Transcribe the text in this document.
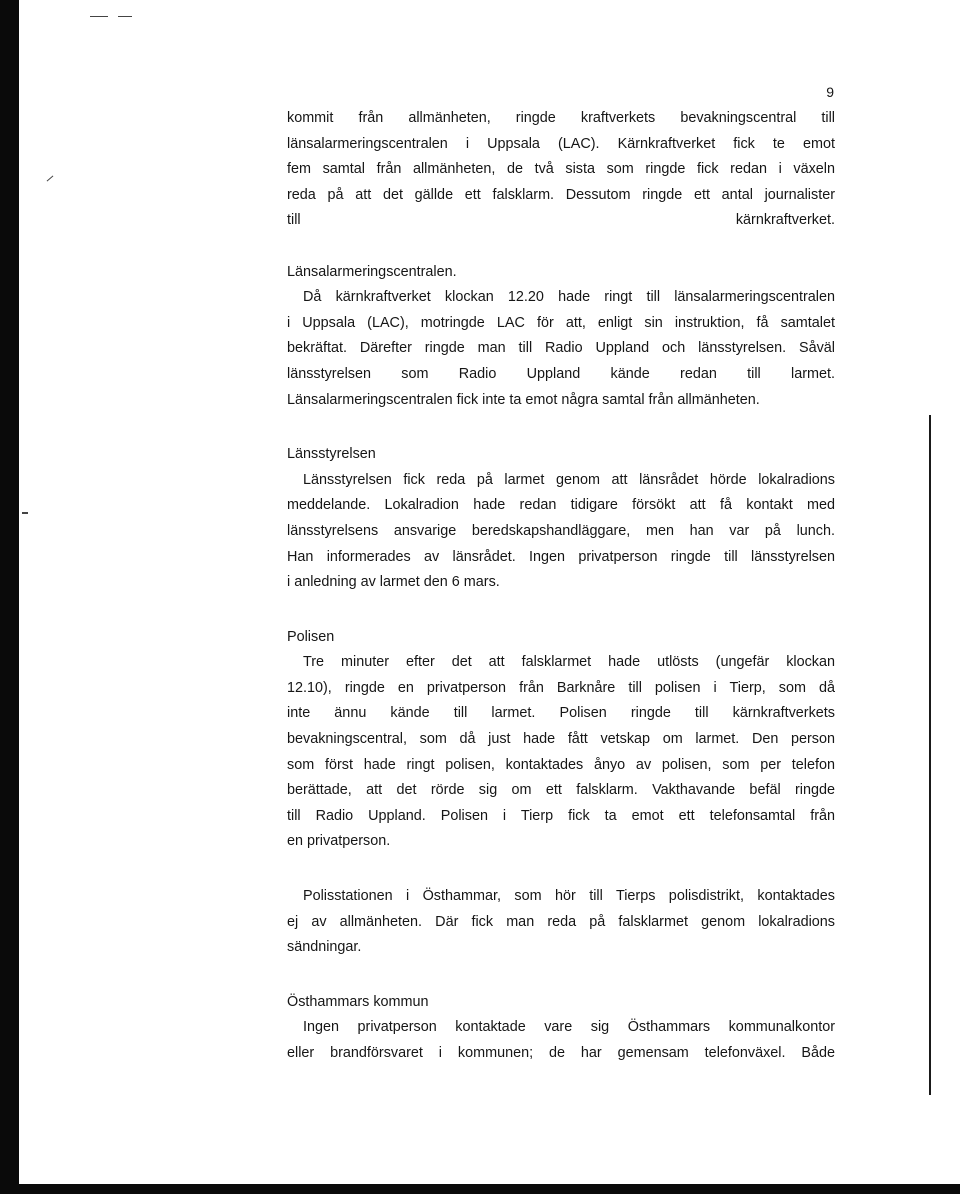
9
kommit från allmänheten, ringde kraftverkets bevakningscentral till
länsalarmeringscentralen i Uppsala (LAC). Kärnkraftverket fick te emot
fem samtal från allmänheten, de två sista som ringde fick redan i växeln
reda på att det gällde ett falsklarm. Dessutom ringde ett antal journalister
till kärnkraftverket.
Länsalarmeringscentralen.
Då kärnkraftverket klockan 12.20 hade ringt till länsalarmeringscentralen
i Uppsala (LAC), motringde LAC för att, enligt sin instruktion, få samtalet
bekräftat. Därefter ringde man till Radio Uppland och länsstyrelsen. Såväl
länsstyrelsen som Radio Uppland kände redan till larmet.
Länsalarmeringscentralen fick inte ta emot några samtal från allmänheten.
Länsstyrelsen
Länsstyrelsen fick reda på larmet genom att länsrådet hörde lokalradions
meddelande. Lokalradion hade redan tidigare försökt att få kontakt med
länsstyrelsens ansvarige beredskapshandläggare, men han var på lunch.
Han informerades av länsrådet. Ingen privatperson ringde till länsstyrelsen
i anledning av larmet den 6 mars.
Polisen
Tre minuter efter det att falsklarmet hade utlösts (ungefär klockan
12.10), ringde en privatperson från Barknåre till polisen i Tierp, som då
inte ännu kände till larmet. Polisen ringde till kärnkraftverkets
bevakningscentral, som då just hade fått vetskap om larmet. Den person
som först hade ringt polisen, kontaktades ånyo av polisen, som per telefon
berättade, att det rörde sig om ett falsklarm. Vakthavande befäl ringde
till Radio Uppland. Polisen i Tierp fick ta emot ett telefonsamtal från
en privatperson.
Polisstationen i Östhammar, som hör till Tierps polisdistrikt, kontaktades
ej av allmänheten. Där fick man reda på falsklarmet genom lokalradions
sändningar.
Östhammars kommun
Ingen privatperson kontaktade vare sig Östhammars kommunalkontor
eller brandförsvaret i kommunen; de har gemensam telefonväxel. Både
